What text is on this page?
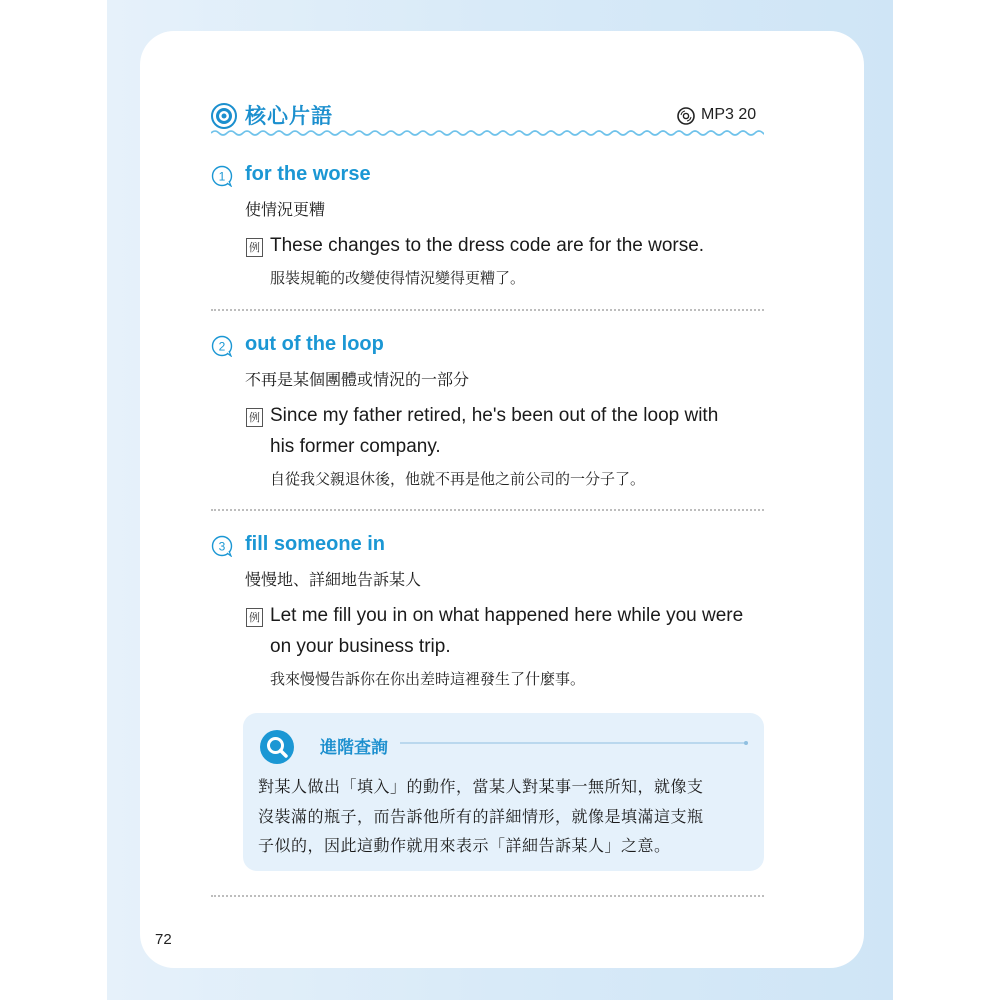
核心片語	MP3 20
1 for the worse
使情況更糟
例 These changes to the dress code are for the worse.
服裝規範的改變使得情況變得更糟了。
2 out of the loop
不再是某個團體或情況的一部分
例 Since my father retired, he's been out of the loop with
his former company.
自從我父親退休後，他就不再是他之前公司的一分子了。
3 fill someone in
慢慢地、詳細地告訴某人
例 Let me fill you in on what happened here while you were
on your business trip.
我來慢慢告訴你在你出差時這裡發生了什麼事。
進階查詢
對某人做出「填入」的動作，當某人對某事一無所知，就像支
沒裝滿的瓶子，而告訴他所有的詳細情形，就像是填滿這支瓶
子似的，因此這動作就用來表示「詳細告訴某人」之意。
72
